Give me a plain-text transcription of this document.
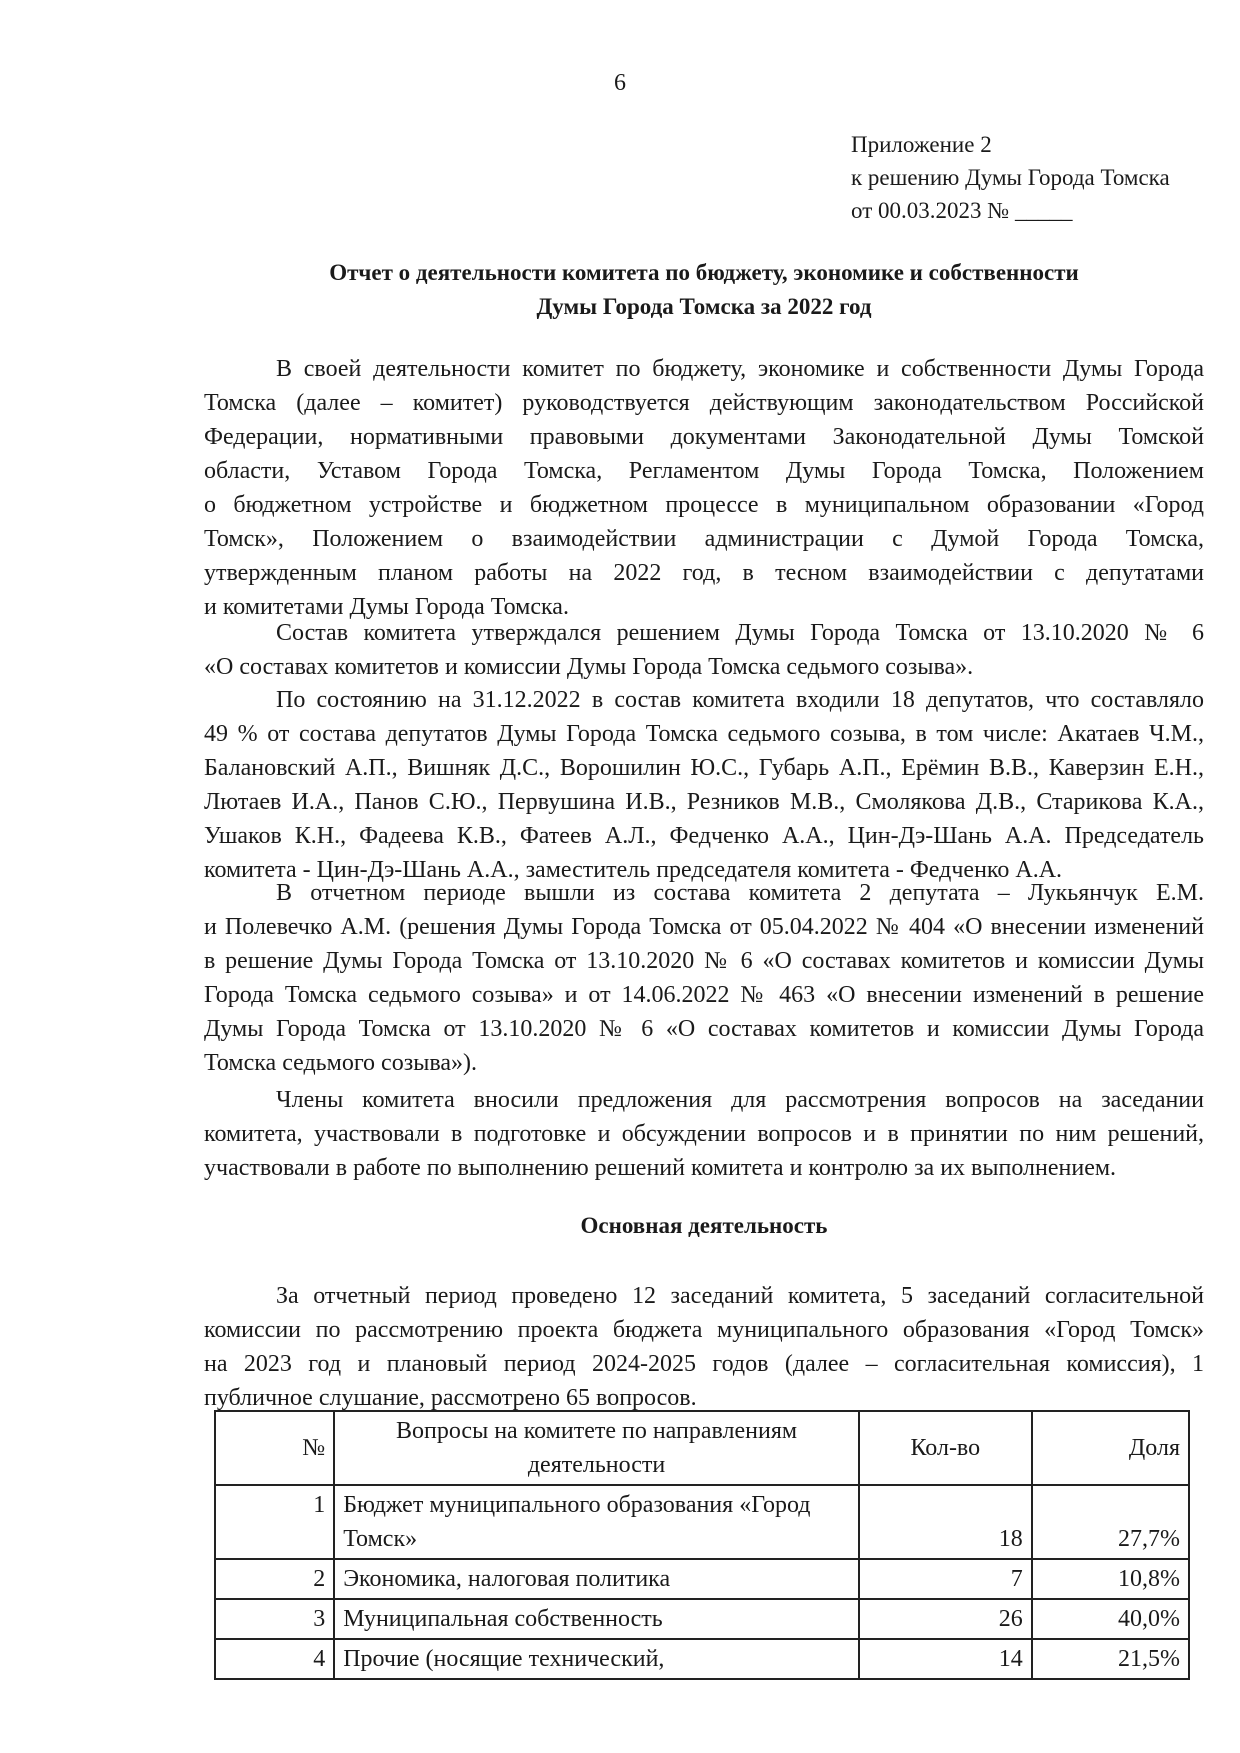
6
Приложение 2
к решению Думы Города Томска
от 00.03.2023 № _____
Отчет о деятельности комитета по бюджету, экономике и собственности
Думы Города Томска за 2022 год
В своей деятельности комитет по бюджету, экономике и собственности Думы Города
Томска (далее – комитет) руководствуется действующим законодательством Российской
Федерации, нормативными правовыми документами Законодательной Думы Томской
области, Уставом Города Томска, Регламентом Думы Города Томска, Положением
о бюджетном устройстве и бюджетном процессе в муниципальном образовании «Город
Томск», Положением о взаимодействии администрации с Думой Города Томска,
утвержденным планом работы на 2022 год, в тесном взаимодействии с депутатами
и комитетами Думы Города Томска.
Состав комитета утверждался решением Думы Города Томска от 13.10.2020 № 6
«О составах комитетов и комиссии Думы Города Томска седьмого созыва».
По состоянию на 31.12.2022 в состав комитета входили 18 депутатов, что составляло
49 % от состава депутатов Думы Города Томска седьмого созыва, в том числе: Акатаев Ч.М.,
Балановский А.П., Вишняк Д.С., Ворошилин Ю.С., Губарь А.П., Ерёмин В.В., Каверзин Е.Н.,
Лютаев И.А., Панов С.Ю., Первушина И.В., Резников М.В., Смолякова Д.В., Старикова К.А.,
Ушаков К.Н., Фадеева К.В., Фатеев А.Л., Федченко А.А., Цин-Дэ-Шань А.А. Председатель
комитета - Цин-Дэ-Шань А.А., заместитель председателя комитета - Федченко А.А.
В отчетном периоде вышли из состава комитета 2 депутата – Лукьянчук Е.М.
и Полевечко А.М. (решения Думы Города Томска от 05.04.2022 № 404 «О внесении изменений
в решение Думы Города Томска от 13.10.2020 № 6 «О составах комитетов и комиссии Думы
Города Томска седьмого созыва» и от 14.06.2022 № 463 «О внесении изменений в решение
Думы Города Томска от 13.10.2020 № 6 «О составах комитетов и комиссии Думы Города
Томска седьмого созыва»).
Члены комитета вносили предложения для рассмотрения вопросов на заседании
комитета, участвовали в подготовке и обсуждении вопросов и в принятии по ним решений,
участвовали в работе по выполнению решений комитета и контролю за их выполнением.
Основная деятельность
За отчетный период проведено 12 заседаний комитета, 5 заседаний согласительной
комиссии по рассмотрению проекта бюджета муниципального образования «Город Томск»
на 2023 год и плановый период 2024-2025 годов (далее – согласительная комиссия), 1
публичное слушание, рассмотрено 65 вопросов.
№	Вопросы на комитете по направлениям деятельности	Кол-во	Доля
1	Бюджет муниципального образования «Город Томск»	18	27,7%
2	Экономика, налоговая политика	7	10,8%
3	Муниципальная собственность	26	40,0%
4	Прочие (носящие технический,	14	21,5%
